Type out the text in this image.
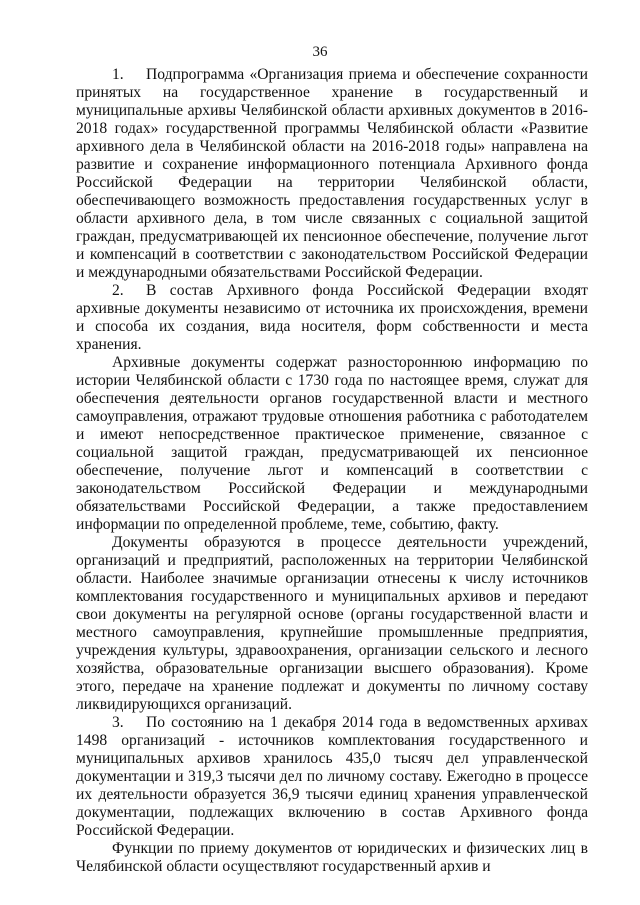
36

1. Подпрограмма «Организация приема и обеспечение сохранности принятых на государственное хранение в государственный и муниципальные архивы Челябинской области архивных документов в 2016-2018 годах» государственной программы Челябинской области «Развитие архивного дела в Челябинской области на 2016-2018 годы» направлена на развитие и сохранение информационного потенциала Архивного фонда Российской Федерации на территории Челябинской области, обеспечивающего возможность предоставления государственных услуг в области архивного дела, в том числе связанных с социальной защитой граждан, предусматривающей их пенсионное обеспечение, получение льгот и компенсаций в соответствии с законодательством Российской Федерации и международными обязательствами Российской Федерации.

2. В состав Архивного фонда Российской Федерации входят архивные документы независимо от источника их происхождения, времени и способа их создания, вида носителя, форм собственности и места хранения.

Архивные документы содержат разностороннюю информацию по истории Челябинской области с 1730 года по настоящее время, служат для обеспечения деятельности органов государственной власти и местного самоуправления, отражают трудовые отношения работника с работодателем и имеют непосредственное практическое применение, связанное с социальной защитой граждан, предусматривающей их пенсионное обеспечение, получение льгот и компенсаций в соответствии с законодательством Российской Федерации и международными обязательствами Российской Федерации, а также предоставлением информации по определенной проблеме, теме, событию, факту.

Документы образуются в процессе деятельности учреждений, организаций и предприятий, расположенных на территории Челябинской области. Наиболее значимые организации отнесены к числу источников комплектования государственного и муниципальных архивов и передают свои документы на регулярной основе (органы государственной власти и местного самоуправления, крупнейшие промышленные предприятия, учреждения культуры, здравоохранения, организации сельского и лесного хозяйства, образовательные организации высшего образования). Кроме этого, передаче на хранение подлежат и документы по личному составу ликвидирующихся организаций.

3. По состоянию на 1 декабря 2014 года в ведомственных архивах 1498 организаций - источников комплектования государственного и муниципальных архивов хранилось 435,0 тысяч дел управленческой документации и 319,3 тысячи дел по личному составу. Ежегодно в процессе их деятельности образуется 36,9 тысячи единиц хранения управленческой документации, подлежащих включению в состав Архивного фонда Российской Федерации.

Функции по приему документов от юридических и физических лиц в Челябинской области осуществляют государственный архив и
